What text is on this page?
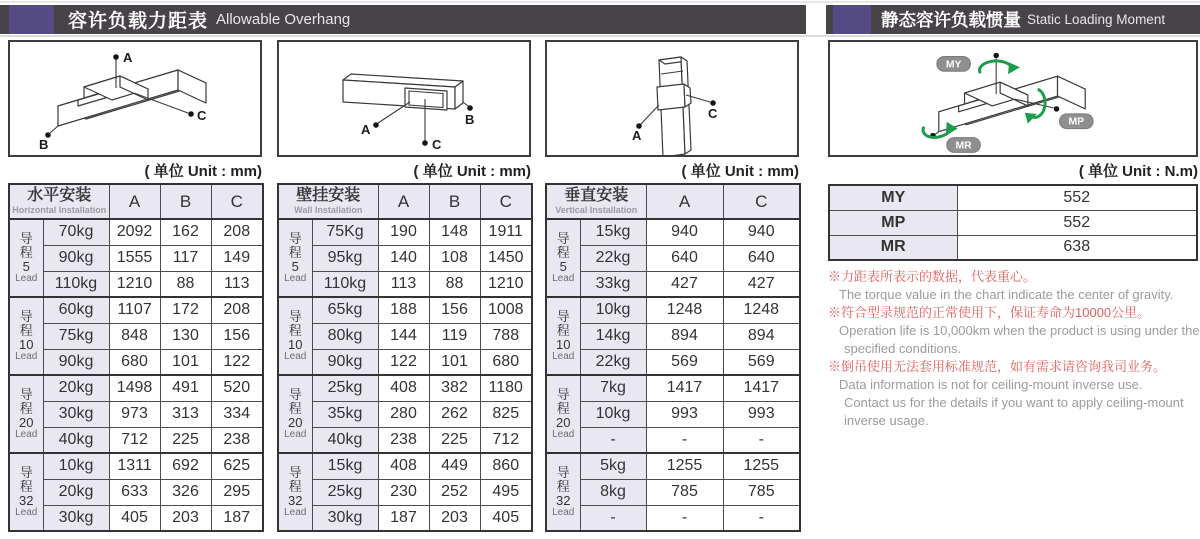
容许负载力距表 Allowable Overhang	静态容许负载惯量 Static Loading Moment
A
C
B
A
C
B
A
C
MY
MP
MR
( 单位 Unit : mm)	( 单位 Unit : mm)	( 单位 Unit : mm)	( 单位 Unit : N.m)
水平安装
Horizontal Installation		A	B	C

导
程
5
Lead	70kg	2092	162	208
	90kg	1555	117	149
	110kg	1210	88	113

导
程
10
Lead	60kg	1107	172	208
	75kg	848	130	156
	90kg	680	101	122

导
程
20
Lead	20kg	1498	491	520
	30kg	973	313	334
	40kg	712	225	238

导
程
32
Lead	10kg	1311	692	625
	20kg	633	326	295
	30kg	405	203	187
壁挂安装
Wall Installation		A	B	C

导
程
5
Lead	75Kg	190	148	1911
	95kg	140	108	1450
	110kg	113	88	1210

导
程
10
Lead	65kg	188	156	1008
	80kg	144	119	788
	90kg	122	101	680

导
程
20
Lead	25kg	408	382	1180
	35kg	280	262	825
	40kg	238	225	712

导
程
32
Lead	15kg	408	449	860
	25kg	230	252	495
	30kg	187	203	405
垂直安装
Vertical Installation		A	C

导
程
5
Lead	15kg	940	940
	22kg	640	640
	33kg	427	427

导
程
10
Lead	10kg	1248	1248
	14kg	894	894
	22kg	569	569

导
程
20
Lead	7kg	1417	1417
	10kg	993	993
	-	-	-

导
程
32
Lead	5kg	1255	1255
	8kg	785	785
	-	-	-
MY	552
MP	552
MR	638
※力距表所表示的数据，代表重心。
The torque value in the chart indicate the center of gravity.
※符合型录规范的正常使用下，保证寿命为10000公里。
Operation life is 10,000km when the product is using under the
specified conditions.
※倒吊使用无法套用标准规范，如有需求请咨询我司业务。
Data information is not for ceiling-mount inverse use.
Contact us for the details if you want to apply ceiling-mount
inverse usage.
